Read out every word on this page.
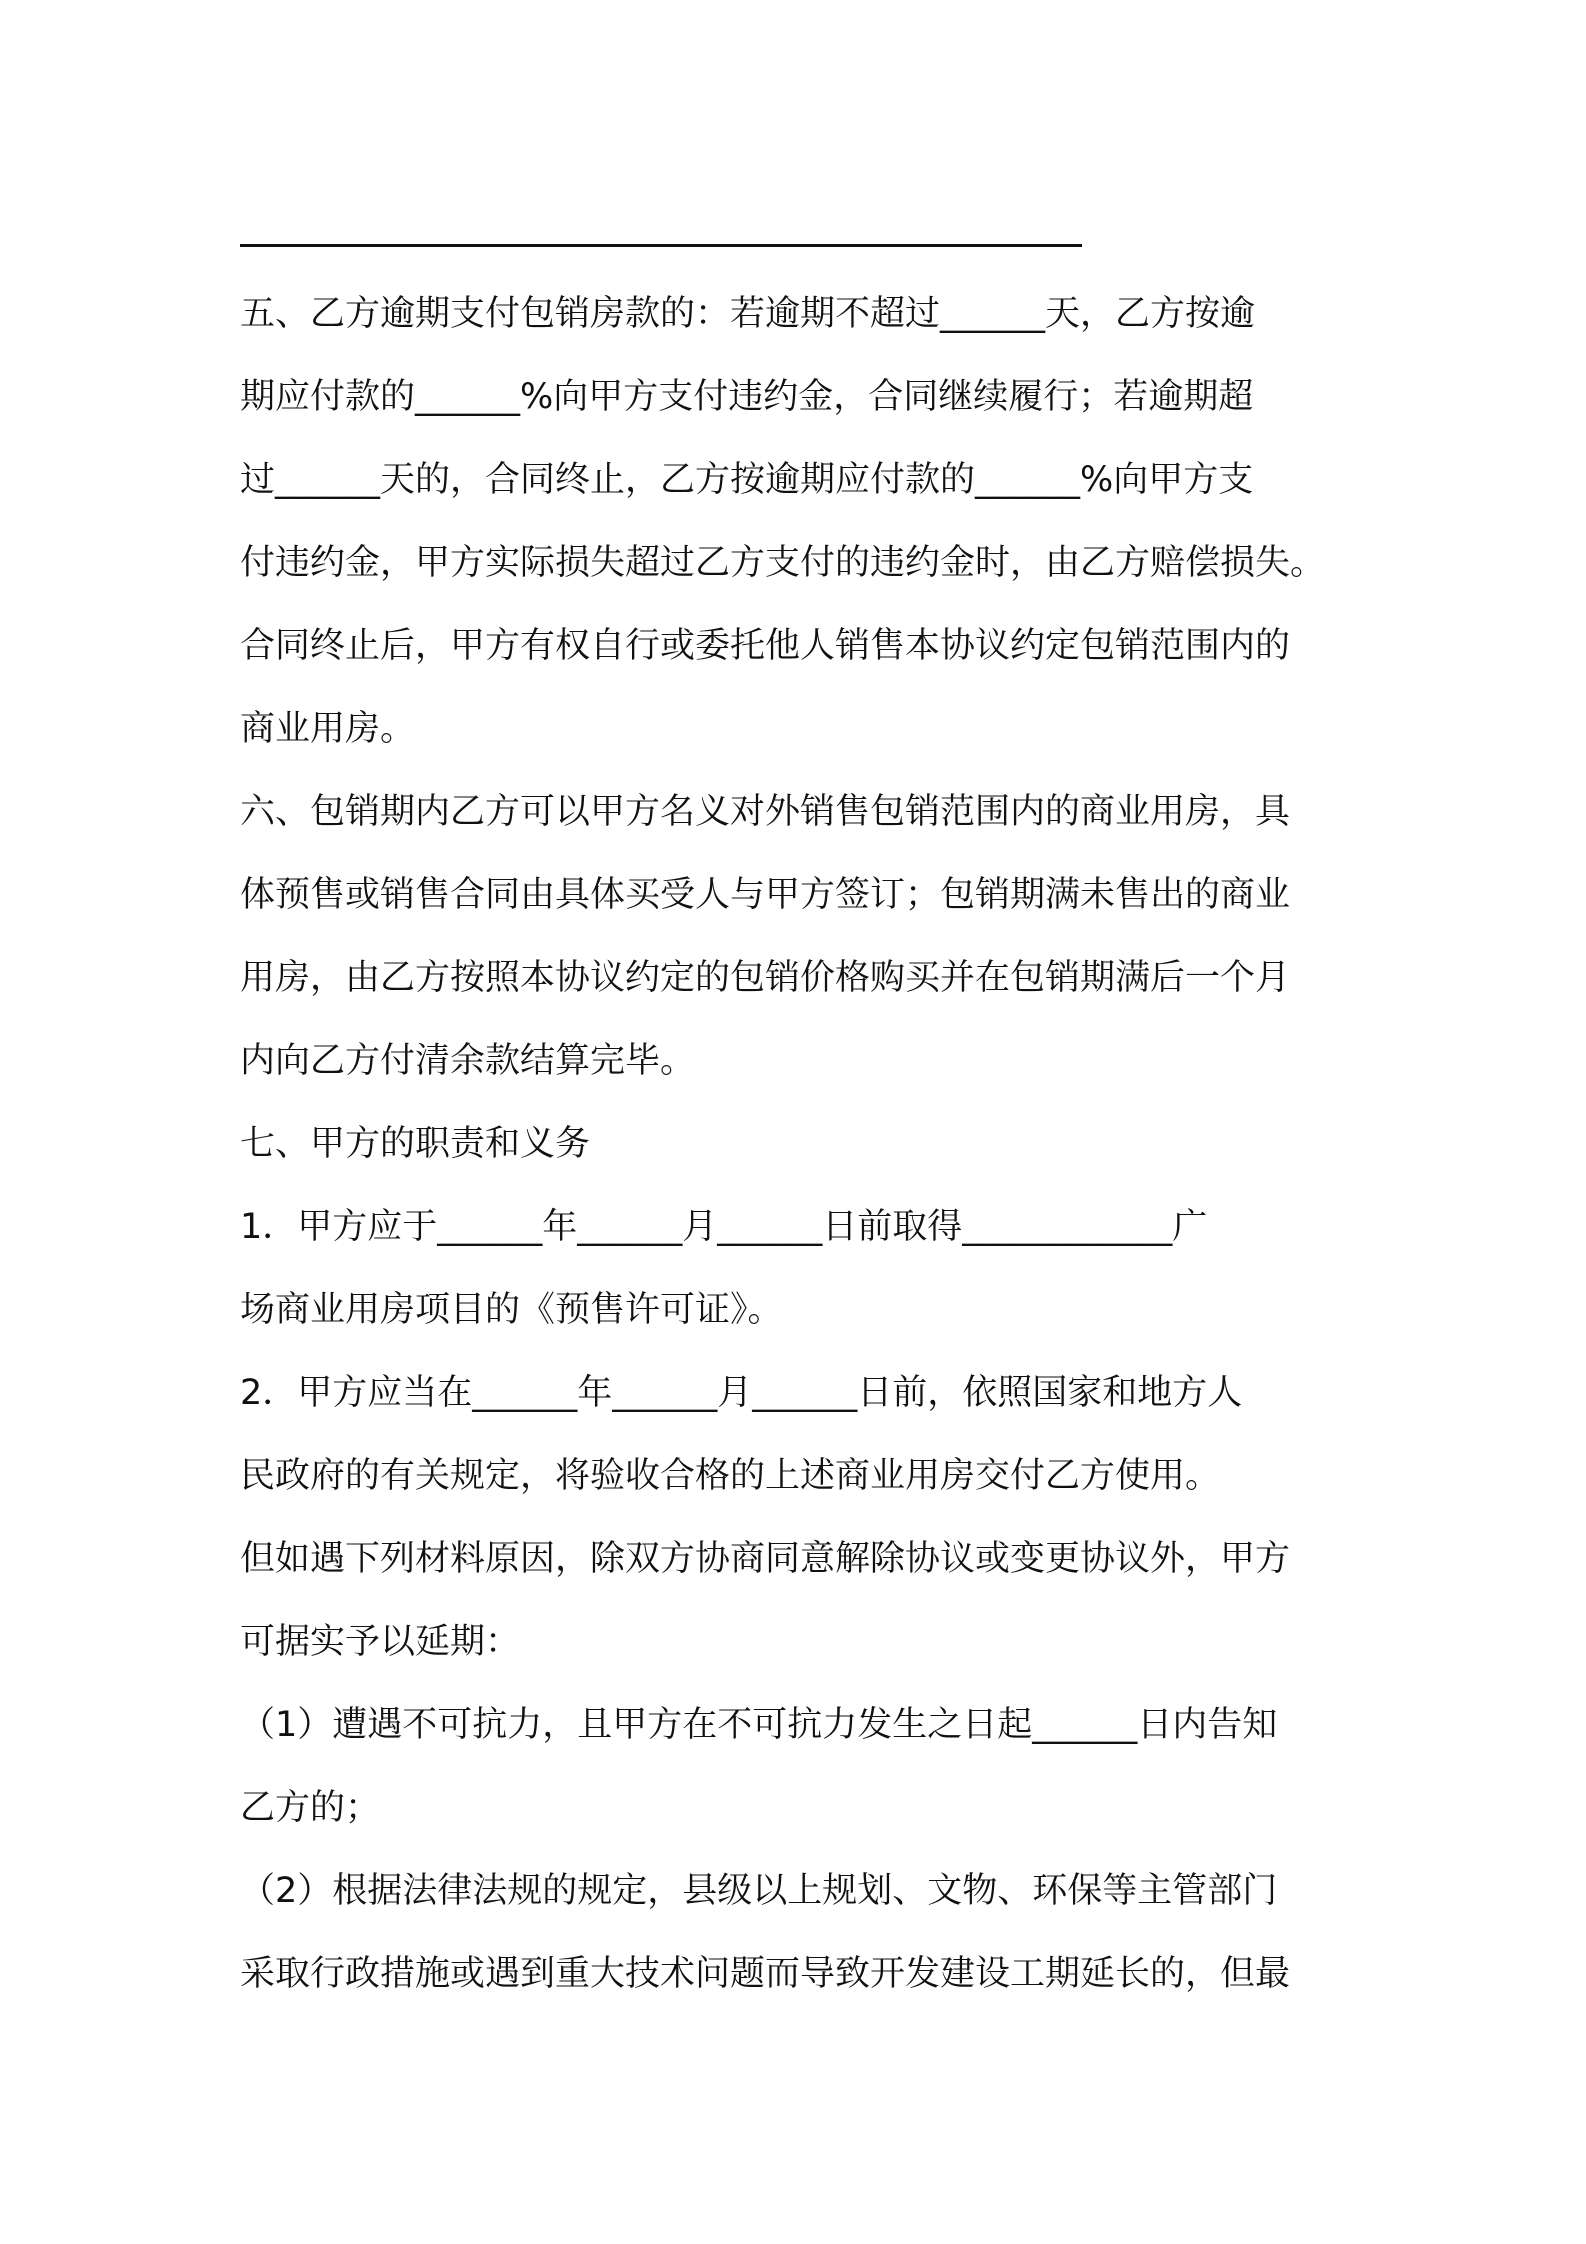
五、乙方逾期支付包销房款的：若逾期不超过______天，乙方按逾
期应付款的______%向甲方支付违约金，合同继续履行；若逾期超
过______天的，合同终止，乙方按逾期应付款的______%向甲方支
付违约金，甲方实际损失超过乙方支付的违约金时，由乙方赔偿损失。
合同终止后，甲方有权自行或委托他人销售本协议约定包销范围内的
商业用房。
六、包销期内乙方可以甲方名义对外销售包销范围内的商业用房，具
体预售或销售合同由具体买受人与甲方签订；包销期满未售出的商业
用房，由乙方按照本协议约定的包销价格购买并在包销期满后一个月
内向乙方付清余款结算完毕。
七、甲方的职责和义务
1．甲方应于______年______月______日前取得____________广
场商业用房项目的《预售许可证》。
2．甲方应当在______年______月______日前，依照国家和地方人
民政府的有关规定，将验收合格的上述商业用房交付乙方使用。
但如遇下列材料原因，除双方协商同意解除协议或变更协议外，甲方
可据实予以延期：
（1）遭遇不可抗力，且甲方在不可抗力发生之日起______日内告知
乙方的；
（2）根据法律法规的规定，县级以上规划、文物、环保等主管部门
采取行政措施或遇到重大技术问题而导致开发建设工期延长的，但最
